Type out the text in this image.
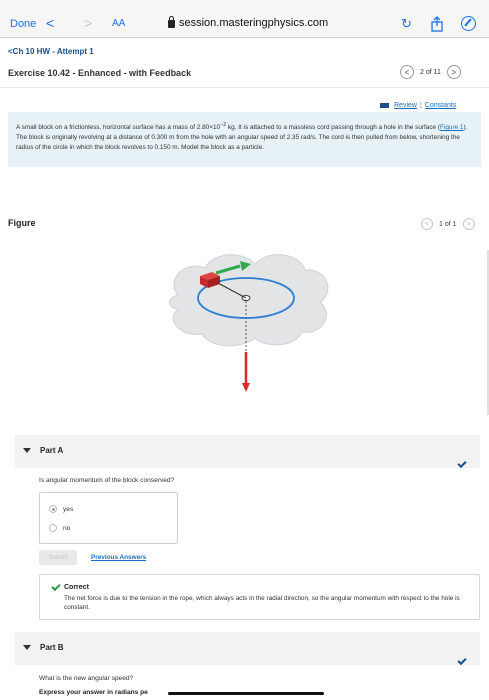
Done < > AA	session.masteringphysics.com	↻
<Ch 10 HW - Attempt 1
Exercise 10.42 - Enhanced - with Feedback	<	2 of 11	>
Review | Constants
A small block on a frictionless, horizontal surface has a mass of $2.80\times 10^{-2}$ kg. It is attached to a massless cord passing through a hole in the surface (Figure 1). The block is originally revolving at a distance of 0.300 m from the hole with an angular speed of 2.35 rad/s. The cord is then pulled from below, shortening the radius of the circle in which the block revolves to 0.150 m. Model the block as a particle.
Figure	<	1 of 1	>
Part A
Is angular momentum of the block conserved?
yes
no
Submit	Previous Answers
Correct
The net force is due to the tension in the rope, which always acts in the radial direction, so the angular momentum with respect to the hole is constant.
Part B
What is the new angular speed?
Express your answer in radians pe
